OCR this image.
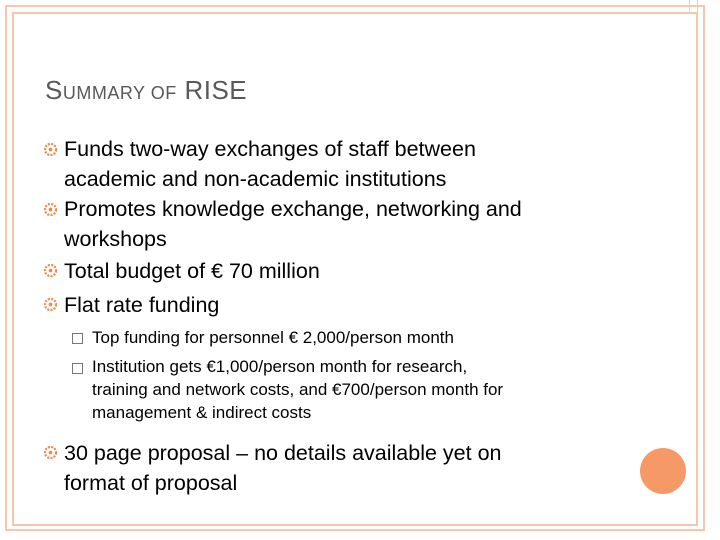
SUMMARY OF RISE
Funds two-way exchanges of staff between
academic and non-academic institutions
Promotes knowledge exchange, networking and
workshops
Total budget of € 70 million
Flat rate funding
Top funding for personnel € 2,000/person month
Institution gets €1,000/person month for research,
training and network costs, and €700/person month for
management & indirect costs
30 page proposal – no details available yet on
format of proposal
